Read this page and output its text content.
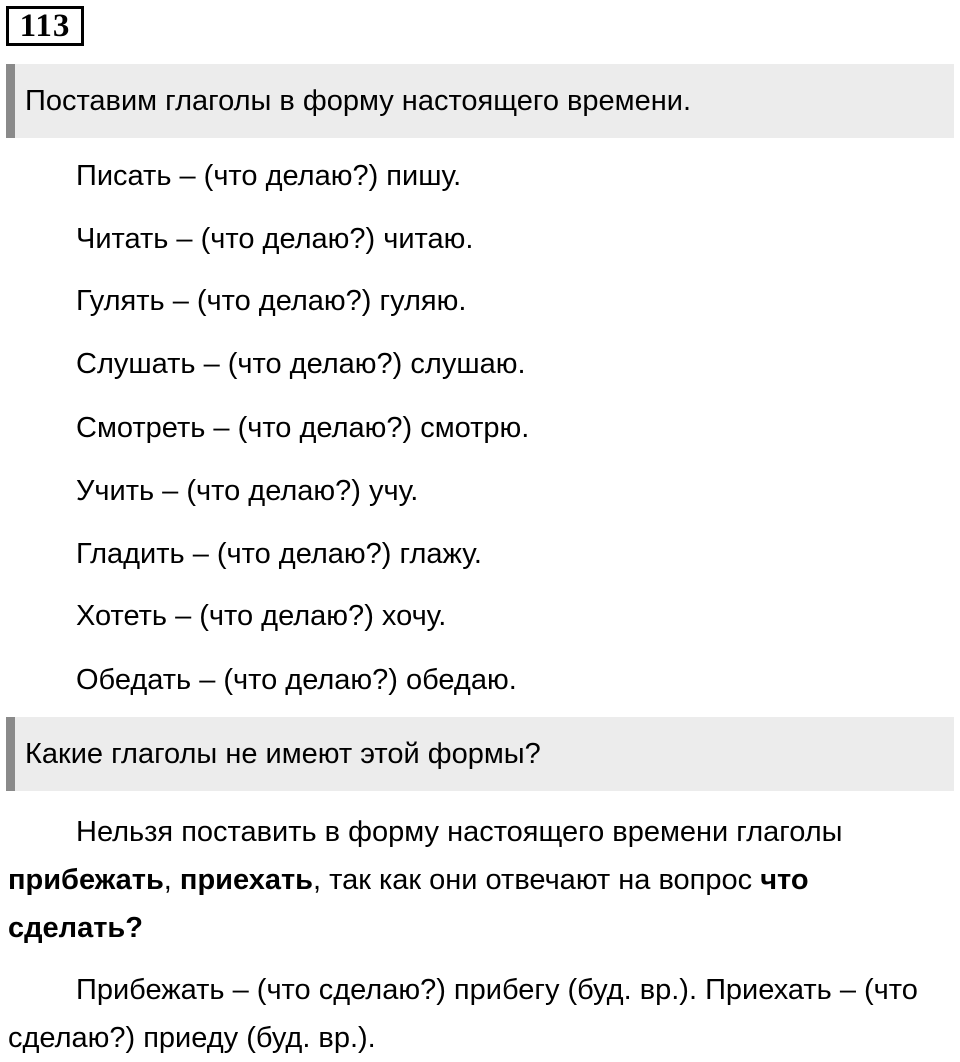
113
Поставим глаголы в форму настоящего времени.
Писать – (что делаю?) пишу.
Читать – (что делаю?) читаю.
Гулять – (что делаю?) гуляю.
Слушать – (что делаю?) слушаю.
Смотреть – (что делаю?) смотрю.
Учить – (что делаю?) учу.
Гладить – (что делаю?) глажу.
Хотеть – (что делаю?) хочу.
Обедать – (что делаю?) обедаю.
Какие глаголы не имеют этой формы?
Нельзя поставить в форму настоящего времени глаголы прибежать, приехать, так как они отвечают на вопрос что сделать?
Прибежать – (что сделаю?) прибегу (буд. вр.). Приехать – (что сделаю?) приеду (буд. вр.).
